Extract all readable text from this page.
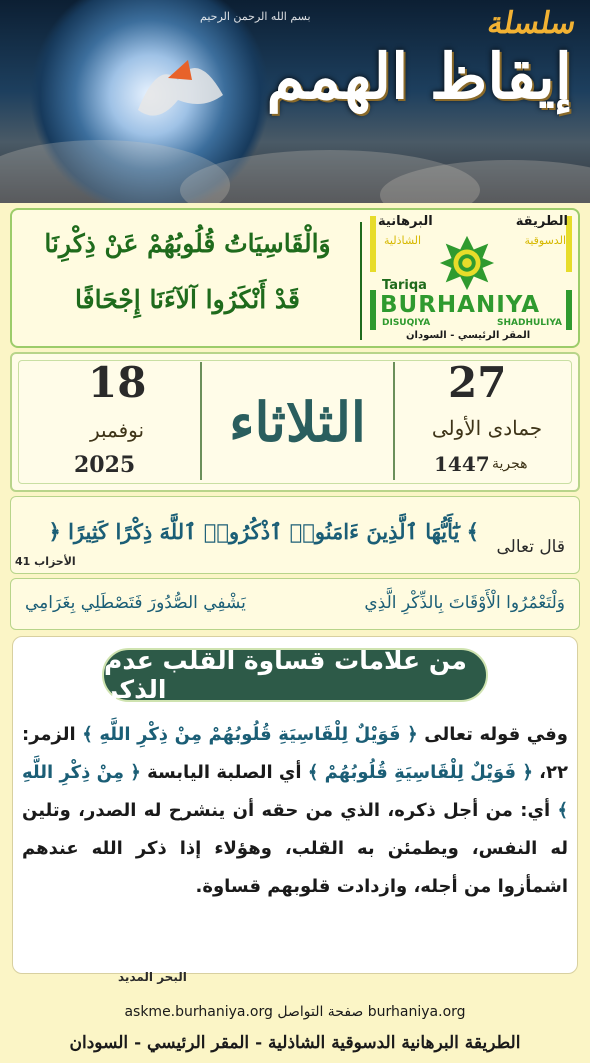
بسم الله الرحمن الرحيم	سلسلة
إيقاظ الهمم
وَالْقَاسِيَاتُ قُلُوبُهُمْ عَنْ ذِكْرِنَا
قَدْ أَنْكَرُوا آلآءَنَا إِجْحَافًا
الطريقة
البرهانية
الدسوقية
الشاذلية
Tariqa
BURHANIYA
DISUQIYA	SHADHULIYA
المقر الرئيسي - السودان
18
نوفمبر
2025
الثلاثاء
27
جمادى الأولى
1447 هجرية
قال تعالى
﴿ يَٰٓأَيُّهَا ٱلَّذِينَ ءَامَنُوا۟ ٱذْكُرُوا۟ ٱللَّهَ ذِكْرًا كَثِيرًا ﴾
41 الأحزاب
وَلْتَعْمُرُوا الْأَوْقَاتَ بِالذِّكْرِ الَّذِي
يَشْفِي الصُّدُورَ فَتَصْطَلِي بِغَرَامِي
من علامات قساوة القلب عدم الذكر

وفي قوله تعالى ﴿ فَوَيْلٌ لِلْقَاسِيَةِ قُلُوبُهُمْ مِنْ ذِكْرِ اللَّهِ ﴾ الزمر: ٢٢، ﴿ فَوَيْلٌ لِلْقَاسِيَةِ قُلُوبُهُمْ ﴾ أي الصلبة اليابسة ﴿ مِنْ ذِكْرِ اللَّهِ ﴾ أي: من أجل ذكره، الذي من حقه أن ينشرح له الصدر، وتلين له النفس، ويطمئن به القلب، وهؤلاء إذا ذكر الله عندهم اشمأزوا من أجله، وازدادت قلوبهم قساوة.

البحر المديد
askme.burhaniya.org صفحة التواصل burhaniya.org
الطريقة البرهانية الدسوقية الشاذلية - المقر الرئيسي - السودان
